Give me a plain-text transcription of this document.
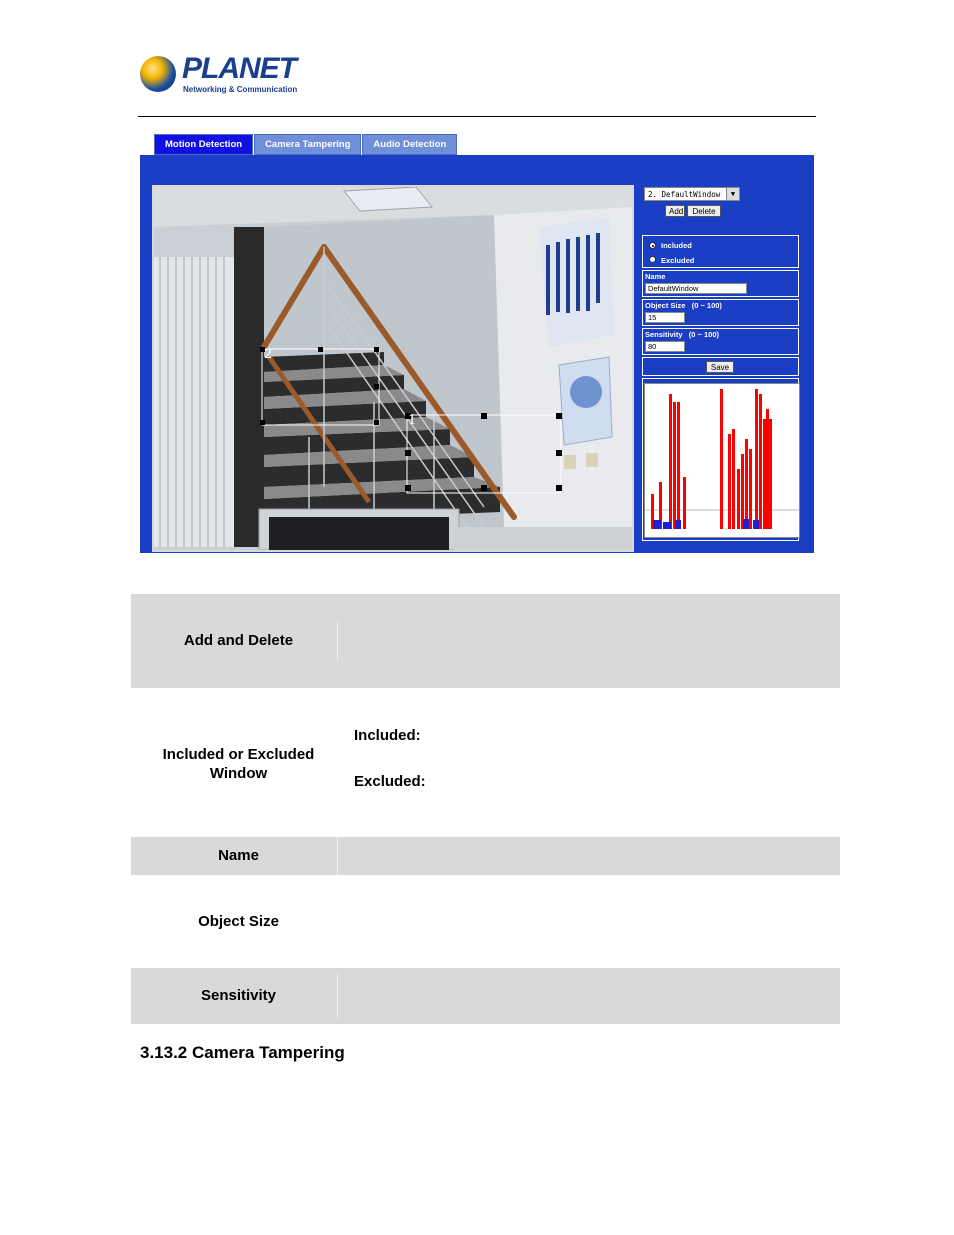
PLANET
Networking & Communication
Motion Detection	Camera Tampering	Audio Detection
2
1
2. DefaultWindow	▼
Add	Delete
Included
Excluded
Name
DefaultWindow
Object Size (0 ~ 100)
15
Sensitivity (0 ~ 100)
80
Save
Add and Delete
Included or Excluded Window
Included:
Excluded:
Name
Object Size
Sensitivity
3.13.2 Camera Tampering
